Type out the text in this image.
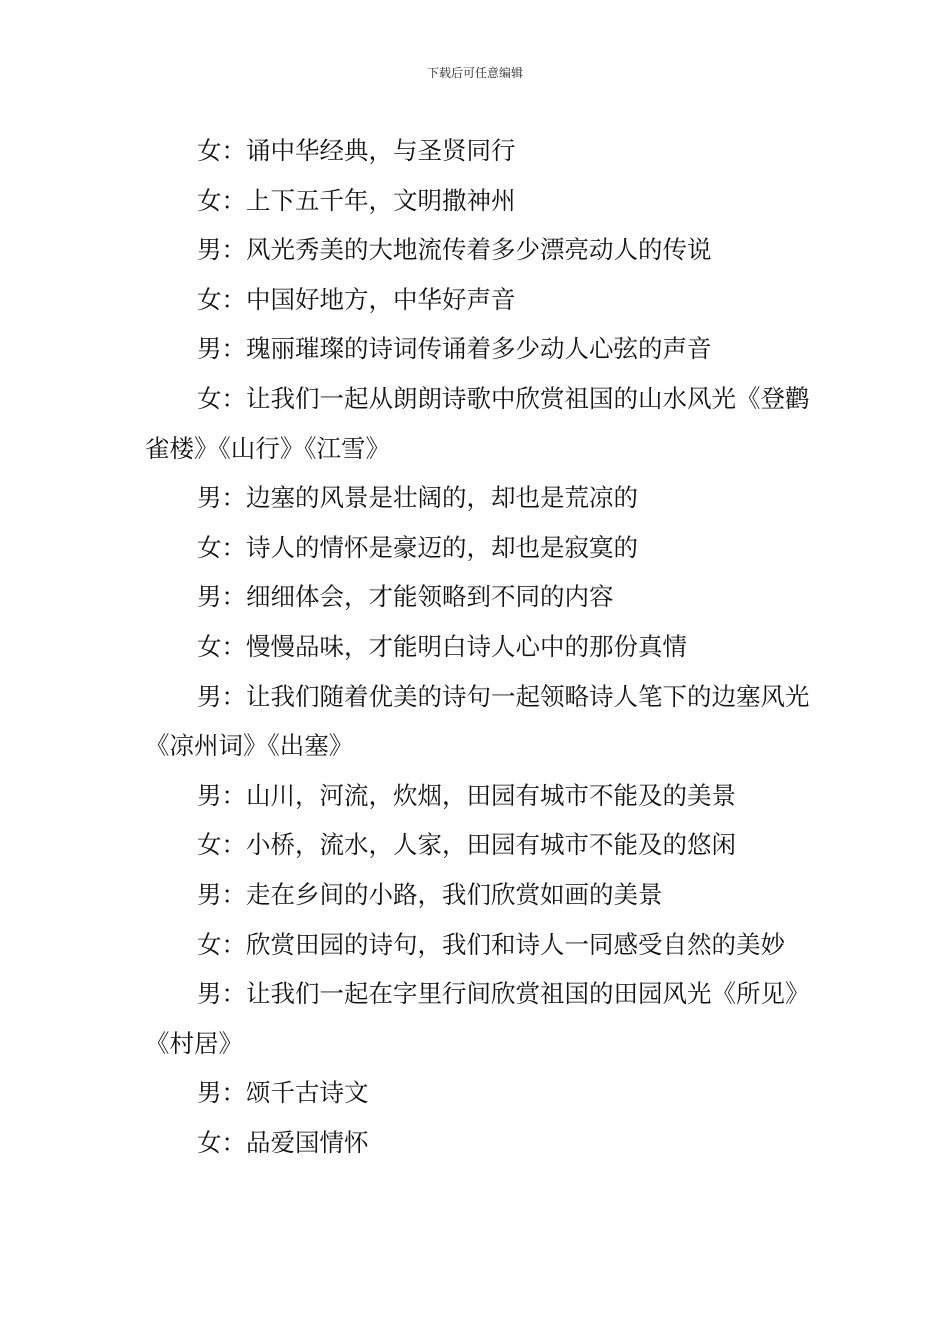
下载后可任意编辑

女：诵中华经典，与圣贤同行

女：上下五千年，文明撒神州

男：风光秀美的大地流传着多少漂亮动人的传说

女：中国好地方，中华好声音

男：瑰丽璀璨的诗词传诵着多少动人心弦的声音

女：让我们一起从朗朗诗歌中欣赏祖国的山水风光《登鹳雀楼》《山行》《江雪》

男：边塞的风景是壮阔的，却也是荒凉的

女：诗人的情怀是豪迈的，却也是寂寞的

男：细细体会，才能领略到不同的内容

女：慢慢品味，才能明白诗人心中的那份真情

男：让我们随着优美的诗句一起领略诗人笔下的边塞风光《凉州词》《出塞》

男：山川，河流，炊烟，田园有城市不能及的美景

女：小桥，流水，人家，田园有城市不能及的悠闲

男：走在乡间的小路，我们欣赏如画的美景

女：欣赏田园的诗句，我们和诗人一同感受自然的美妙

男：让我们一起在字里行间欣赏祖国的田园风光《所见》《村居》

男：颂千古诗文

女：品爱国情怀
